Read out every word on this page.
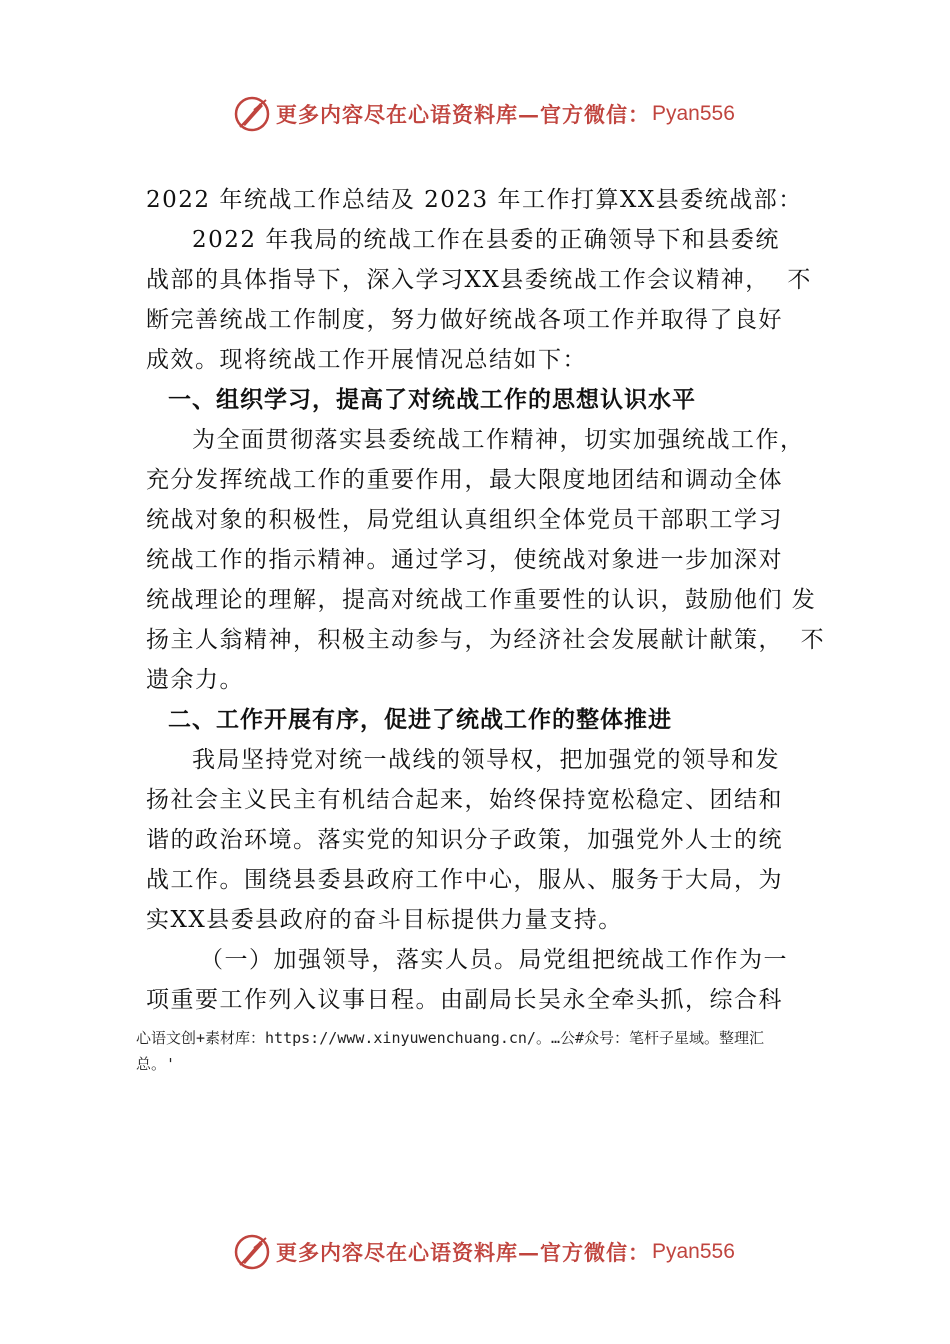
更多内容尽在心语资料库—官方微信： Pyan556
2022 年统战工作总结及 2023 年工作打算XX县委统战部：
2022 年我局的统战工作在县委的正确领导下和县委统
战部的具体指导下，深入学习XX县委统战工作会议精神，  不
断完善统战工作制度，努力做好统战各项工作并取得了良好
成效。现将统战工作开展情况总结如下：
一、组织学习，提高了对统战工作的思想认识水平
为全面贯彻落实县委统战工作精神，切实加强统战工作，
充分发挥统战工作的重要作用，最大限度地团结和调动全体
统战对象的积极性，局党组认真组织全体党员干部职工学习
统战工作的指示精神。通过学习，使统战对象进一步加深对
统战理论的理解，提高对统战工作重要性的认识，鼓励他们 发
扬主人翁精神，积极主动参与，为经济社会发展献计献策，  不
遗余力。
二、工作开展有序，促进了统战工作的整体推进
我局坚持党对统一战线的领导权，把加强党的领导和发
扬社会主义民主有机结合起来，始终保持宽松稳定、团结和
谐的政治环境。落实党的知识分子政策，加强党外人士的统
战工作。围绕县委县政府工作中心，服从、服务于大局，为
实XX县委县政府的奋斗目标提供力量支持。
（一）加强领导，落实人员。局党组把统战工作作为一
项重要工作列入议事日程。由副局长吴永全牵头抓，综合科
心语文创+素材库：https://www.xinyuwenchuang.cn/。…公#众号：笔杆子星域。整理汇
总。'
更多内容尽在心语资料库—官方微信： Pyan556
